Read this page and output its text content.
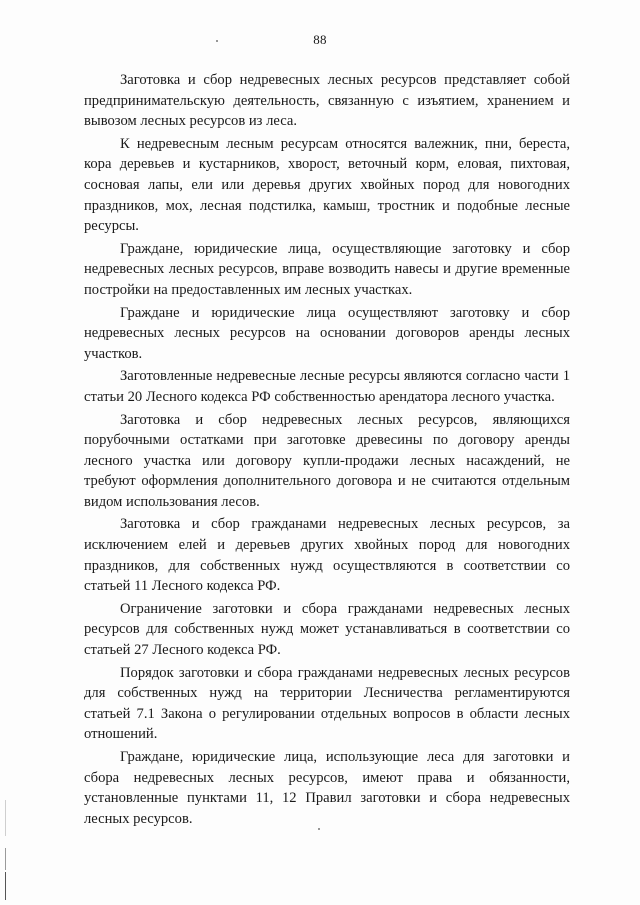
88

Заготовка и сбор недревесных лесных ресурсов представляет собой предпринимательскую деятельность, связанную с изъятием, хранением и вывозом лесных ресурсов из леса.

К недревесным лесным ресурсам относятся валежник, пни, береста, кора деревьев и кустарников, хворост, веточный корм, еловая, пихтовая, сосновая лапы, ели или деревья других хвойных пород для новогодних праздников, мох, лесная подстилка, камыш, тростник и подобные лесные ресурсы.

Граждане, юридические лица, осуществляющие заготовку и сбор недревесных лесных ресурсов, вправе возводить навесы и другие временные постройки на предоставленных им лесных участках.

Граждане и юридические лица осуществляют заготовку и сбор недревесных лесных ресурсов на основании договоров аренды лесных участков.

Заготовленные недревесные лесные ресурсы являются согласно части 1 статьи 20 Лесного кодекса РФ собственностью арендатора лесного участка.

Заготовка и сбор недревесных лесных ресурсов, являющихся порубочными остатками при заготовке древесины по договору аренды лесного участка или договору купли-продажи лесных насаждений, не требуют оформления дополнительного договора и не считаются отдельным видом использования лесов.

Заготовка и сбор гражданами недревесных лесных ресурсов, за исключением елей и деревьев других хвойных пород для новогодних праздников, для собственных нужд осуществляются в соответствии со статьей 11 Лесного кодекса РФ.

Ограничение заготовки и сбора гражданами недревесных лесных ресурсов для собственных нужд может устанавливаться в соответствии со статьей 27 Лесного кодекса РФ.

Порядок заготовки и сбора гражданами недревесных лесных ресурсов для собственных нужд на территории Лесничества регламентируются статьей 7.1 Закона о регулировании отдельных вопросов в области лесных отношений.

Граждане, юридические лица, использующие леса для заготовки и сбора недревесных лесных ресурсов, имеют права и обязанности, установленные пунктами 11, 12 Правил заготовки и сбора недревесных лесных ресурсов.
